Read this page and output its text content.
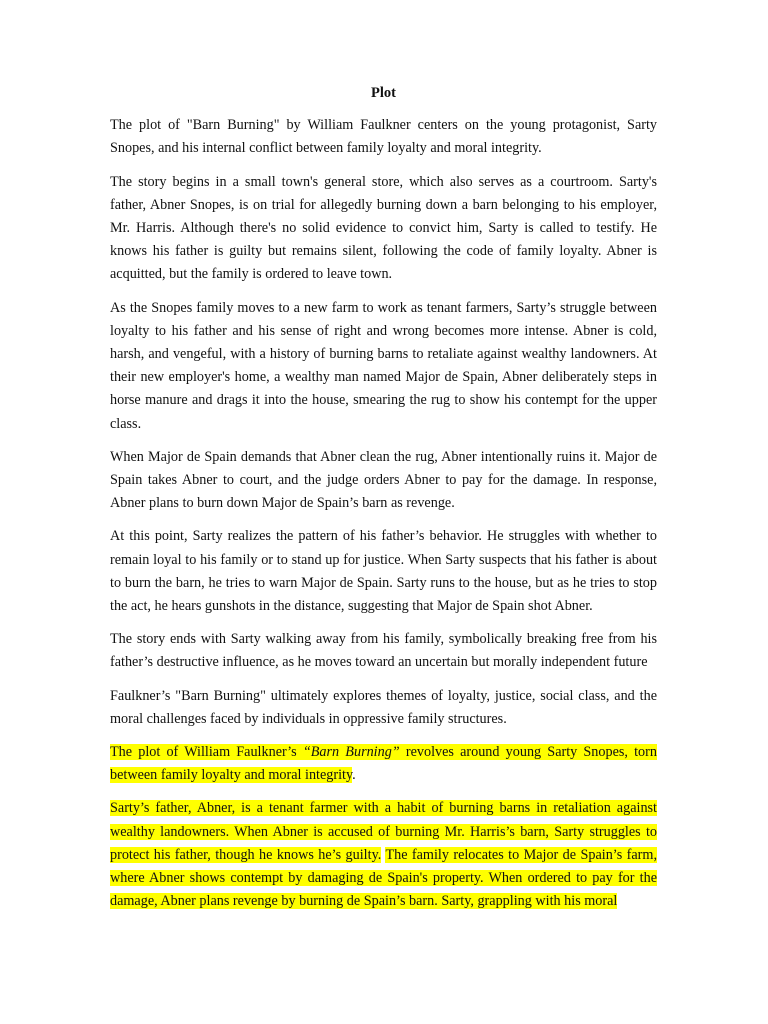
Plot

The plot of "Barn Burning" by William Faulkner centers on the young protagonist, Sarty Snopes, and his internal conflict between family loyalty and moral integrity.

The story begins in a small town's general store, which also serves as a courtroom. Sarty's father, Abner Snopes, is on trial for allegedly burning down a barn belonging to his employer, Mr. Harris. Although there's no solid evidence to convict him, Sarty is called to testify. He knows his father is guilty but remains silent, following the code of family loyalty. Abner is acquitted, but the family is ordered to leave town.

As the Snopes family moves to a new farm to work as tenant farmers, Sarty’s struggle between loyalty to his father and his sense of right and wrong becomes more intense. Abner is cold, harsh, and vengeful, with a history of burning barns to retaliate against wealthy landowners. At their new employer's home, a wealthy man named Major de Spain, Abner deliberately steps in horse manure and drags it into the house, smearing the rug to show his contempt for the upper class.

When Major de Spain demands that Abner clean the rug, Abner intentionally ruins it. Major de Spain takes Abner to court, and the judge orders Abner to pay for the damage. In response, Abner plans to burn down Major de Spain’s barn as revenge.

At this point, Sarty realizes the pattern of his father’s behavior. He struggles with whether to remain loyal to his family or to stand up for justice. When Sarty suspects that his father is about to burn the barn, he tries to warn Major de Spain. Sarty runs to the house, but as he tries to stop the act, he hears gunshots in the distance, suggesting that Major de Spain shot Abner.

The story ends with Sarty walking away from his family, symbolically breaking free from his father’s destructive influence, as he moves toward an uncertain but morally independent future

Faulkner’s "Barn Burning" ultimately explores themes of loyalty, justice, social class, and the moral challenges faced by individuals in oppressive family structures.

The plot of William Faulkner’s “Barn Burning” revolves around young Sarty Snopes, torn between family loyalty and moral integrity.

Sarty’s father, Abner, is a tenant farmer with a habit of burning barns in retaliation against wealthy landowners. When Abner is accused of burning Mr. Harris’s barn, Sarty struggles to protect his father, though he knows he’s guilty. The family relocates to Major de Spain’s farm, where Abner shows contempt by damaging de Spain's property. When ordered to pay for the damage, Abner plans revenge by burning de Spain’s barn. Sarty, grappling with his moral
